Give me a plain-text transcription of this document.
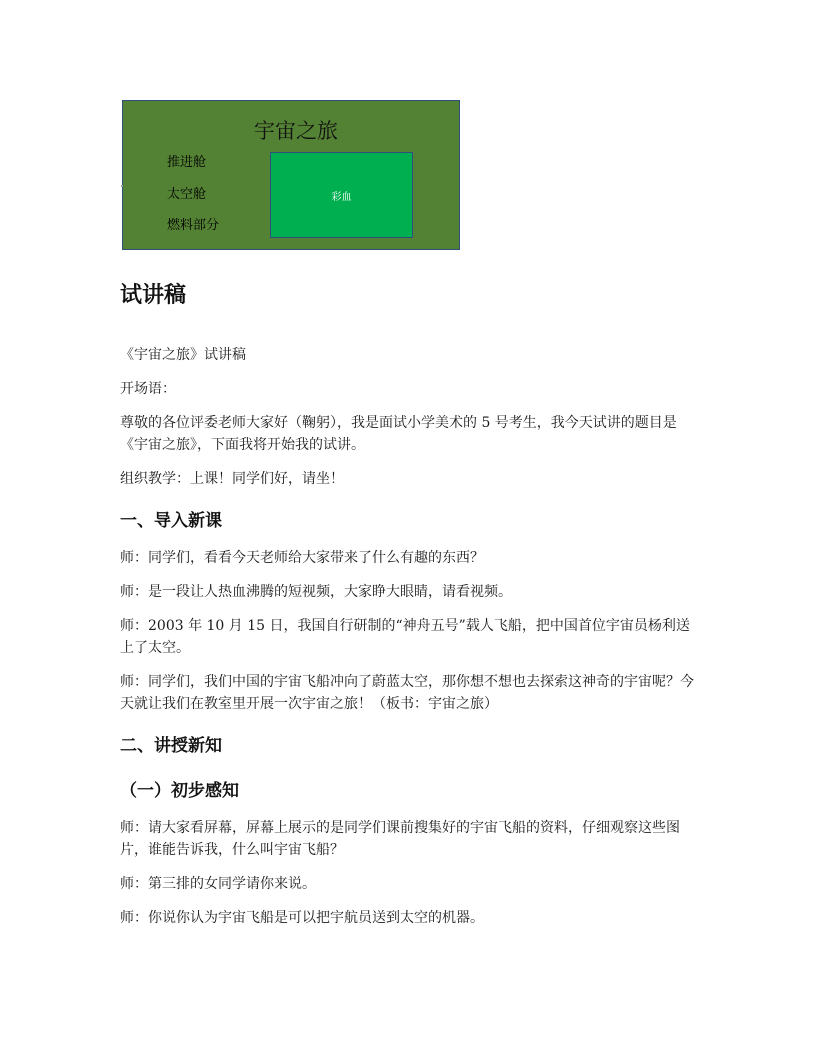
宇宙之旅
推进舱
太空舱
燃料部分
彩血
试讲稿

《宇宙之旅》试讲稿

开场语：

尊敬的各位评委老师大家好（鞠躬），我是面试小学美术的 5 号考生，我今天试讲的题目是《宇宙之旅》，下面我将开始我的试讲。

组织教学：上课！同学们好，请坐！

一、导入新课

师：同学们，看看今天老师给大家带来了什么有趣的东西？

师：是一段让人热血沸腾的短视频，大家睁大眼睛，请看视频。

师：2003 年 10 月 15 日，我国自行研制的“神舟五号”载人飞船，把中国首位宇宙员杨利送上了太空。

师：同学们，我们中国的宇宙飞船冲向了蔚蓝太空，那你想不想也去探索这神奇的宇宙呢？今天就让我们在教室里开展一次宇宙之旅！（板书：宇宙之旅）

二、讲授新知
（一）初步感知

师：请大家看屏幕，屏幕上展示的是同学们课前搜集好的宇宙飞船的资料，仔细观察这些图片，谁能告诉我，什么叫宇宙飞船？

师：第三排的女同学请你来说。

师：你说你认为宇宙飞船是可以把宇航员送到太空的机器。
